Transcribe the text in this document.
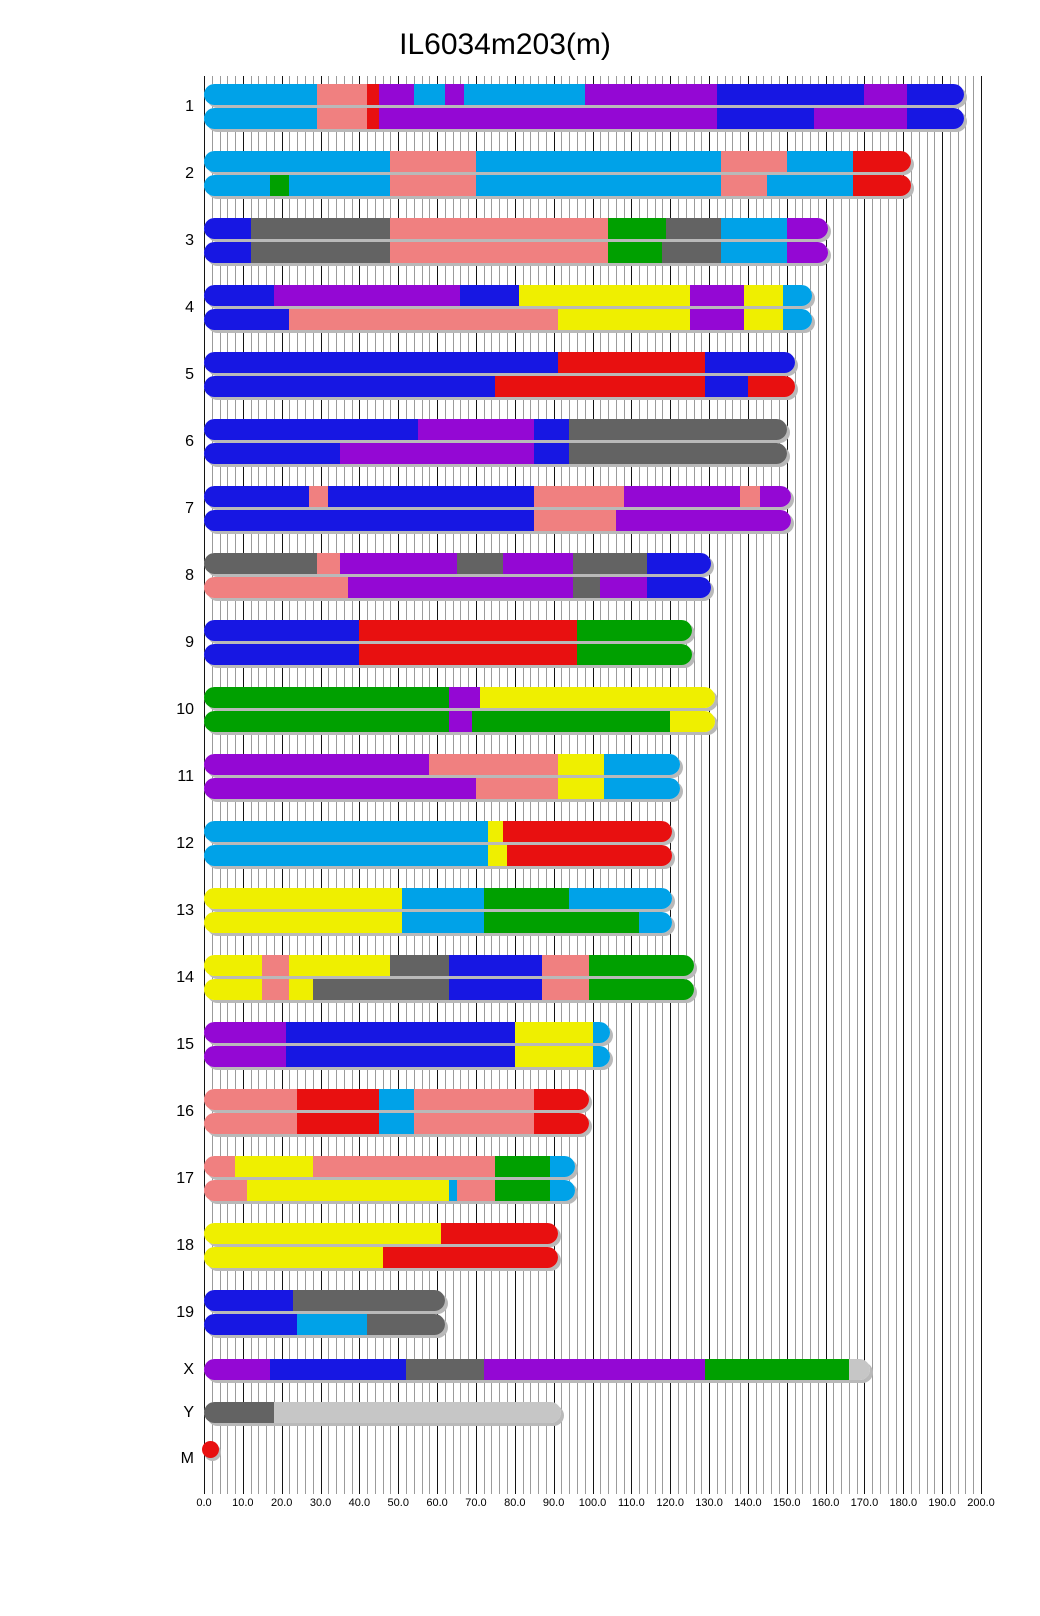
IL6034m203(m)
1
2
3
4
5
6
7
8
9
10
11
12
13
14
15
16
17
18
19
X
Y
M
0.0	10.0	20.0	30.0	40.0	50.0	60.0	70.0	80.0	90.0	100.0	110.0	120.0	130.0	140.0	150.0	160.0	170.0	180.0	190.0	200.0
